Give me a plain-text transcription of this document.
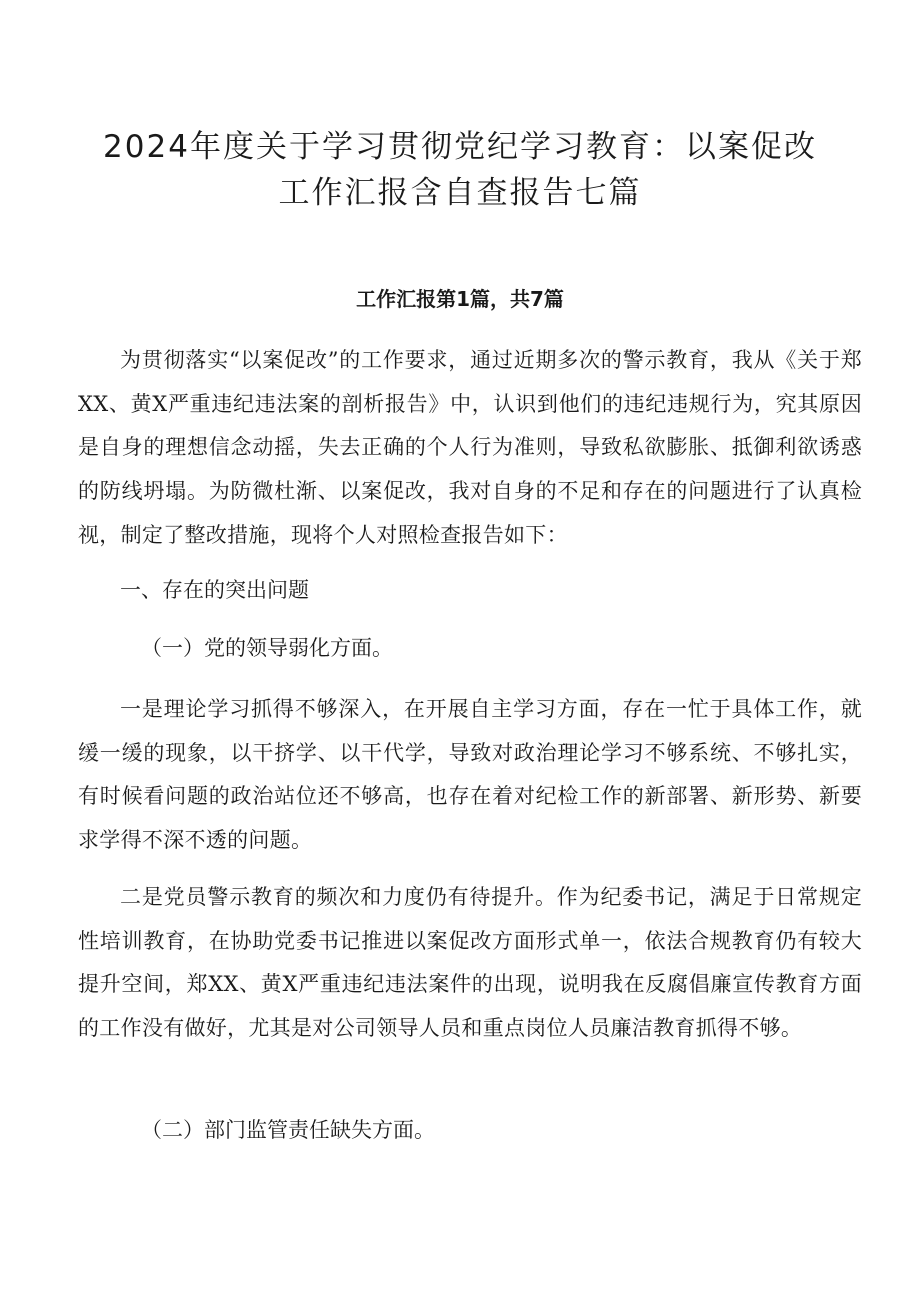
2024年度关于学习贯彻党纪学习教育：以案促改工作汇报含自查报告七篇
工作汇报第1篇，共7篇

为贯彻落实“以案促改”的工作要求，通过近期多次的警示教育，我从《关于郑XX、黄X严重违纪违法案的剖析报告》中，认识到他们的违纪违规行为，究其原因是自身的理想信念动摇，失去正确的个人行为准则，导致私欲膨胀、抵御利欲诱惑的防线坍塌。为防微杜渐、以案促改，我对自身的不足和存在的问题进行了认真检视，制定了整改措施，现将个人对照检查报告如下：

一、存在的突出问题

（一）党的领导弱化方面。

一是理论学习抓得不够深入，在开展自主学习方面，存在一忙于具体工作，就缓一缓的现象，以干挤学、以干代学，导致对政治理论学习不够系统、不够扎实，有时候看问题的政治站位还不够高，也存在着对纪检工作的新部署、新形势、新要求学得不深不透的问题。

二是党员警示教育的频次和力度仍有待提升。作为纪委书记，满足于日常规定性培训教育，在协助党委书记推进以案促改方面形式单一，依法合规教育仍有较大提升空间，郑XX、黄X严重违纪违法案件的出现，说明我在反腐倡廉宣传教育方面的工作没有做好，尤其是对公司领导人员和重点岗位人员廉洁教育抓得不够。

（二）部门监管责任缺失方面。
